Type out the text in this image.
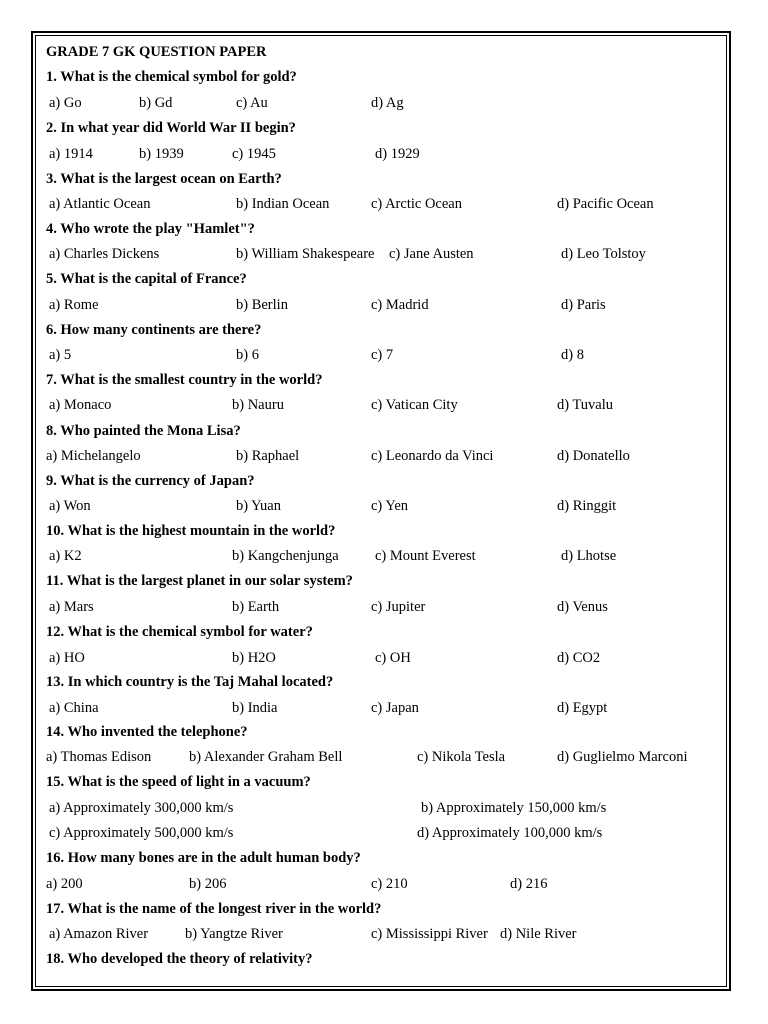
GRADE 7 GK QUESTION PAPER
1. What is the chemical symbol for gold?
a) Go	b) Gd	c) Au	d) Ag
2. In what year did World War II begin?
a) 1914	b) 1939	c) 1945	d) 1929
3. What is the largest ocean on Earth?
a) Atlantic Ocean	b) Indian Ocean	c) Arctic Ocean	d) Pacific Ocean
4. Who wrote the play "Hamlet"?
a) Charles Dickens	b) William Shakespeare c) Jane Austen	d) Leo Tolstoy
5. What is the capital of France?
a) Rome	b) Berlin	c) Madrid	d) Paris
6. How many continents are there?
a) 5	b) 6	c) 7	d) 8
7. What is the smallest country in the world?
a) Monaco	b) Nauru	c) Vatican City	d) Tuvalu
8. Who painted the Mona Lisa?
a) Michelangelo	b) Raphael	c) Leonardo da Vinci	d) Donatello
9. What is the currency of Japan?
a) Won	b) Yuan	c) Yen	d) Ringgit
10. What is the highest mountain in the world?
a) K2	b) Kangchenjunga	c) Mount Everest	d) Lhotse
11. What is the largest planet in our solar system?
a) Mars	b) Earth	c) Jupiter	d) Venus
12. What is the chemical symbol for water?
a) HO	b) H2O	c) OH	d) CO2
13. In which country is the Taj Mahal located?
a) China	b) India	c) Japan	d) Egypt
14. Who invented the telephone?
a) Thomas Edison	b) Alexander Graham Bell	c) Nikola Tesla	d) Guglielmo Marconi
15. What is the speed of light in a vacuum?
a) Approximately 300,000 km/s	b) Approximately 150,000 km/s
c) Approximately 500,000 km/s	d) Approximately 100,000 km/s
16. How many bones are in the adult human body?
a) 200	b) 206	c) 210	d) 216
17. What is the name of the longest river in the world?
a) Amazon River	b) Yangtze River	c) Mississippi River d) Nile River
18. Who developed the theory of relativity?
